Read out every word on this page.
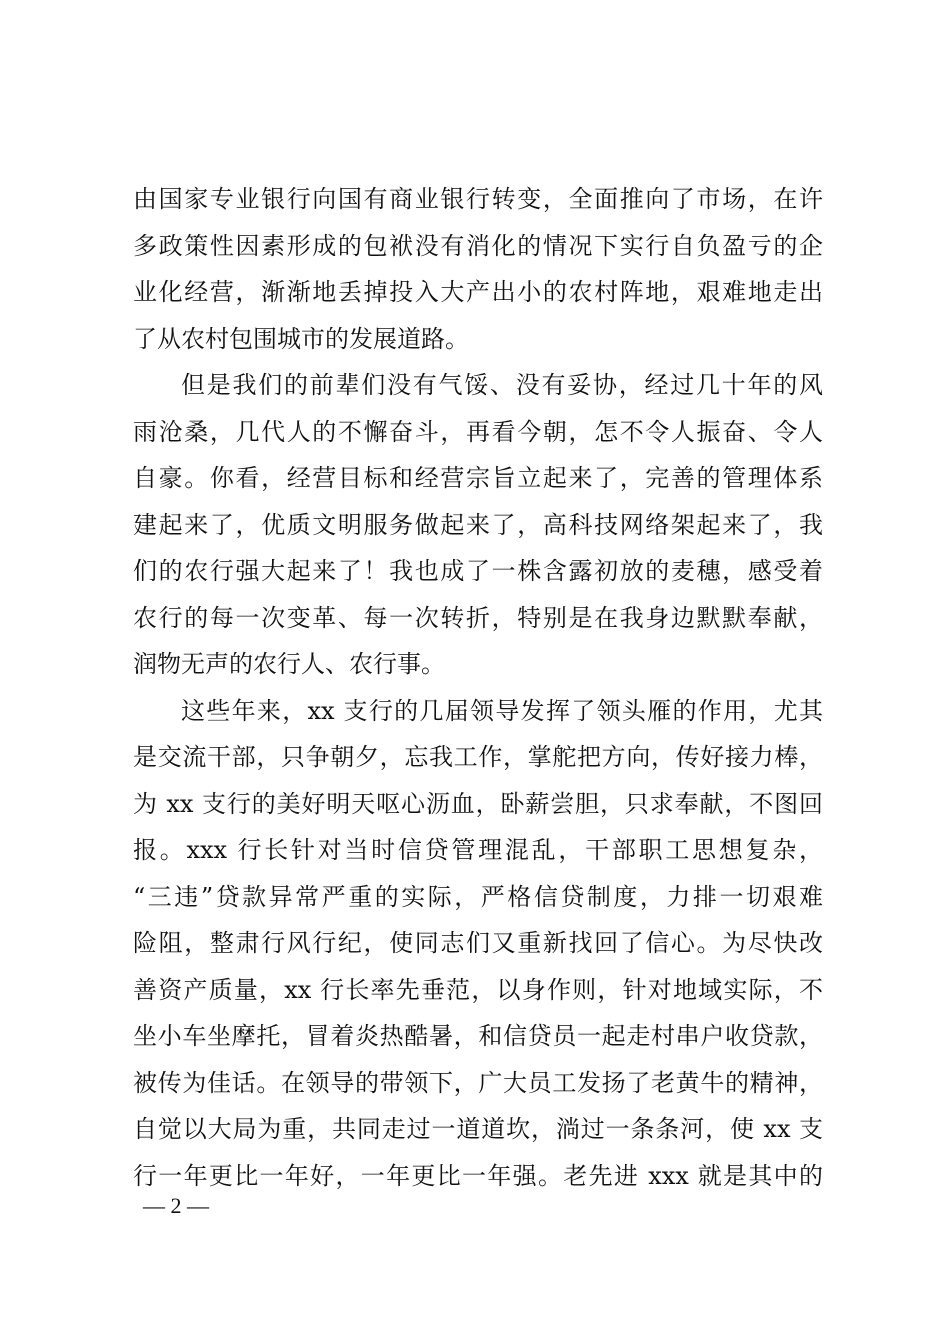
由国家专业银行向国有商业银行转变，全面推向了市场，在许
多政策性因素形成的包袱没有消化的情况下实行自负盈亏的企
业化经营，渐渐地丢掉投入大产出小的农村阵地，艰难地走出
了从农村包围城市的发展道路。
但是我们的前辈们没有气馁、没有妥协，经过几十年的风
雨沧桑，几代人的不懈奋斗，再看今朝，怎不令人振奋、令人
自豪。你看，经营目标和经营宗旨立起来了，完善的管理体系
建起来了，优质文明服务做起来了，高科技网络架起来了，我
们的农行强大起来了！我也成了一株含露初放的麦穗，感受着
农行的每一次变革、每一次转折，特别是在我身边默默奉献，
润物无声的农行人、农行事。
这些年来，xx 支行的几届领导发挥了领头雁的作用，尤其
是交流干部，只争朝夕，忘我工作，掌舵把方向，传好接力棒，
为 xx 支行的美好明天呕心沥血，卧薪尝胆，只求奉献，不图回
报。xxx 行长针对当时信贷管理混乱，干部职工思想复杂，
“三违”贷款异常严重的实际，严格信贷制度，力排一切艰难
险阻，整肃行风行纪，使同志们又重新找回了信心。为尽快改
善资产质量，xx 行长率先垂范，以身作则，针对地域实际，不
坐小车坐摩托，冒着炎热酷暑，和信贷员一起走村串户收贷款，
被传为佳话。在领导的带领下，广大员工发扬了老黄牛的精神，
自觉以大局为重，共同走过一道道坎，淌过一条条河，使 xx 支
行一年更比一年好，一年更比一年强。老先进 xxx 就是其中的
— 2 —
